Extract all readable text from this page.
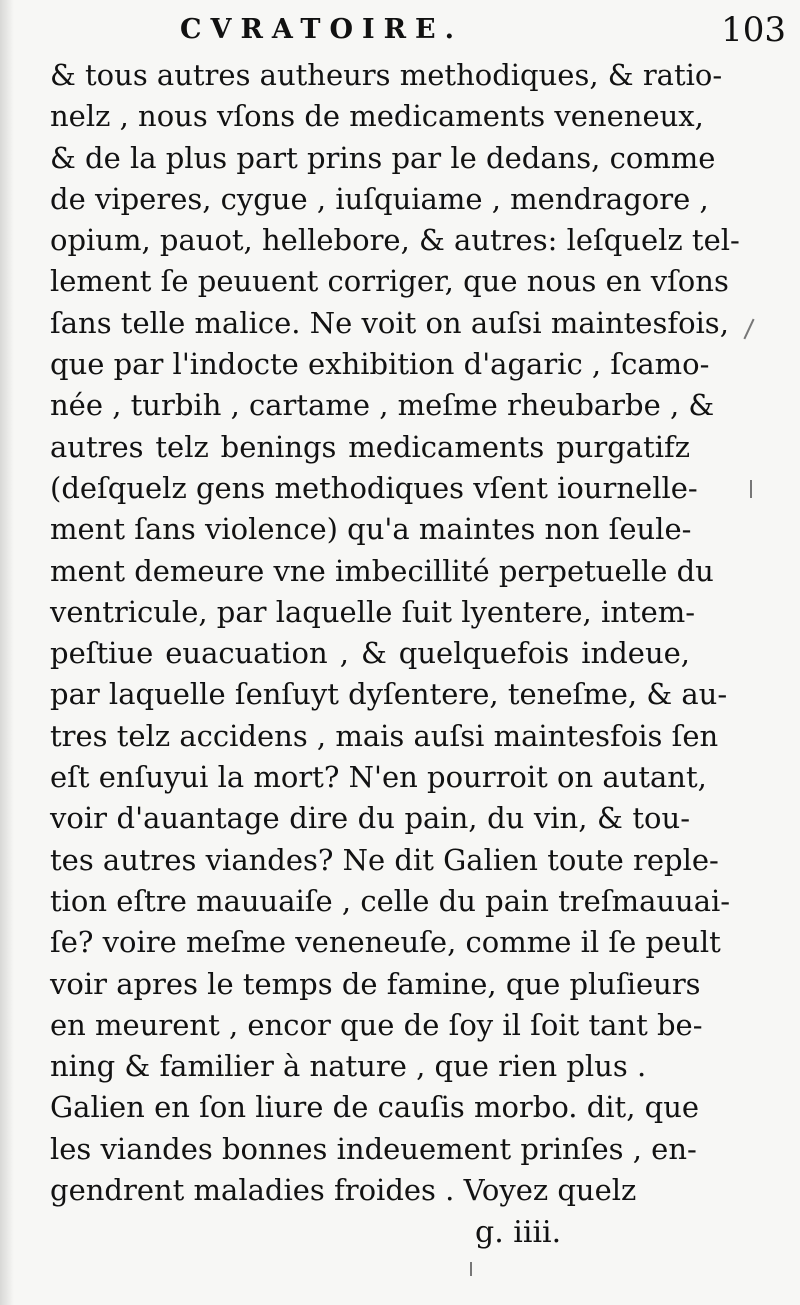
CVRATOIRE.	103
& tous autres autheurs methodiques, & ratio-
nelz , nous vſons de medicaments veneneux,
& de la plus part prins par le dedans, comme
de viperes, cygue , iuſquiame , mendragore ,
opium, pauot, hellebore, & autres: leſquelz tel-
lement ſe peuuent corriger, que nous en vſons
ſans telle malice. Ne voit on auſsi maintesfois,
que par l'indocte exhibition d'agaric , ſcamo-
née , turbih , cartame , meſme rheubarbe , &
autres telz benings medicaments purgatifz
(deſquelz gens methodiques vſent iournelle-
ment ſans violence) qu'a maintes non ſeule-
ment demeure vne imbecillité perpetuelle du
ventricule, par laquelle ſuit lyentere, intem-
peſtiue euacuation , & quelquefois indeue,
par laquelle ſenſuyt dyſentere, teneſme, & au-
tres telz accidens , mais auſsi maintesfois ſen
eſt enſuyui la mort? N'en pourroit on autant,
voir d'auantage dire du pain, du vin, & tou-
tes autres viandes? Ne dit Galien toute reple-
tion eſtre mauuaiſe , celle du pain treſmauuai-
ſe? voire meſme veneneuſe, comme il ſe peult
voir apres le temps de famine, que pluſieurs
en meurent , encor que de ſoy il ſoit tant be-
ning & familier à nature , que rien plus .
Galien en ſon liure de cauſis morbo. dit, que
les viandes bonnes indeuement prinſes , en-
gendrent maladies froides . Voyez quelz
g. iiii.
